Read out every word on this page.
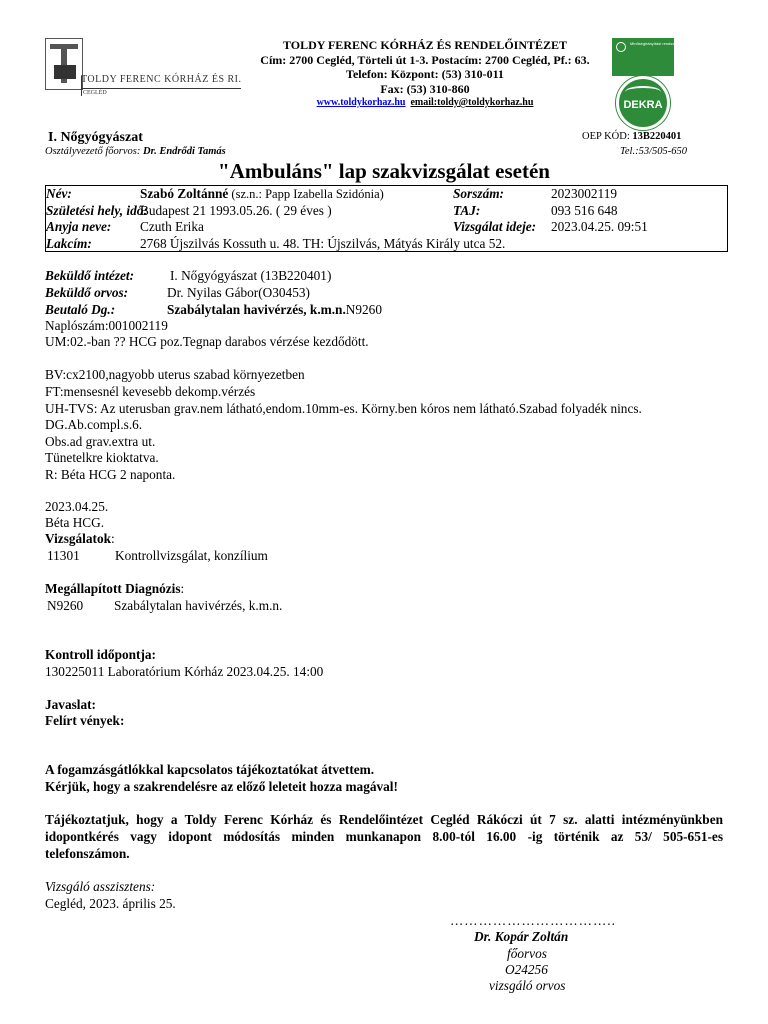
TOLDY FERENC KÓRHÁZ ÉS RI.
CEGLÉD
TOLDY FERENC KÓRHÁZ ÉS RENDELŐINTÉZET
Cím: 2700 Cegléd, Törteli út 1-3. Postacím: 2700 Cegléd, Pf.: 63.
Telefon: Központ: (53) 310-011
Fax: (53) 310-860
www.toldykorhaz.hu email:toldy@toldykorhaz.hu
Minőségirányítási rendszer ISO 9001:2008
DEKRA
I. Nőgyógyászat
Osztályvezető főorvos: Dr. Endrődi Tamás
OEP KÓD: 13B220401
Tel.:53/505-650
"Ambuláns" lap szakvizsgálat esetén
Név:	Szabó Zoltánné (sz.n.: Papp Izabella Szidónia)	Sorszám:	2023002119
Születési hely, idő:
Budapest 21 1993.05.26. ( 29 éves )	TAJ:	093 516 648
Anyja neve: Czuth Erika	Vizsgálat ideje: 2023.04.25. 09:51
Lakcím:	2768 Újszilvás Kossuth u. 48. TH: Újszilvás, Mátyás Király utca 52.
Beküldő intézet:	I. Nőgyógyászat (13B220401)
Beküldő orvos:	Dr. Nyilas Gábor(O30453)
Beutaló Dg.:	Szabálytalan havivérzés, k.m.n.N9260
Naplószám:001002119
UM:02.-ban ?? HCG poz.Tegnap darabos vérzése kezdődött.
BV:cx2100,nagyobb uterus szabad környezetben
FT:mensesnél kevesebb dekomp.vérzés
UH-TVS: Az uterusban grav.nem látható,endom.10mm-es. Körny.ben kóros nem látható.Szabad folyadék nincs.
DG.Ab.compl.s.6.
Obs.ad grav.extra ut.
Tünetelkre kioktatva.
R: Béta HCG 2 naponta.
2023.04.25.
Béta HCG.
Vizsgálatok:
11301	Kontrollvizsgálat, konzílium
Megállapított Diagnózis:
N9260 Szabálytalan havivérzés, k.m.n.
Kontroll időpontja:
130225011 Laboratórium Kórház 2023.04.25. 14:00
Javaslat:
Felírt vények:
A fogamzásgátlókkal kapcsolatos tájékoztatókat átvettem.
Kérjük, hogy a szakrendelésre az előző leleteit hozza magával!
Tájékoztatjuk, hogy a Toldy Ferenc Kórház és Rendelőintézet Cegléd Rákóczi út 7 sz. alatti intézményünkben
idopontkérés vagy idopont módosítás minden munkanapon 8.00-tól 16.00 -ig történik az 53/ 505-651-es
telefonszámon.
Vizsgáló asszisztens:
Cegléd, 2023. április 25.
……………………………..
Dr. Kopár Zoltán
főorvos
O24256
vizsgáló orvos
